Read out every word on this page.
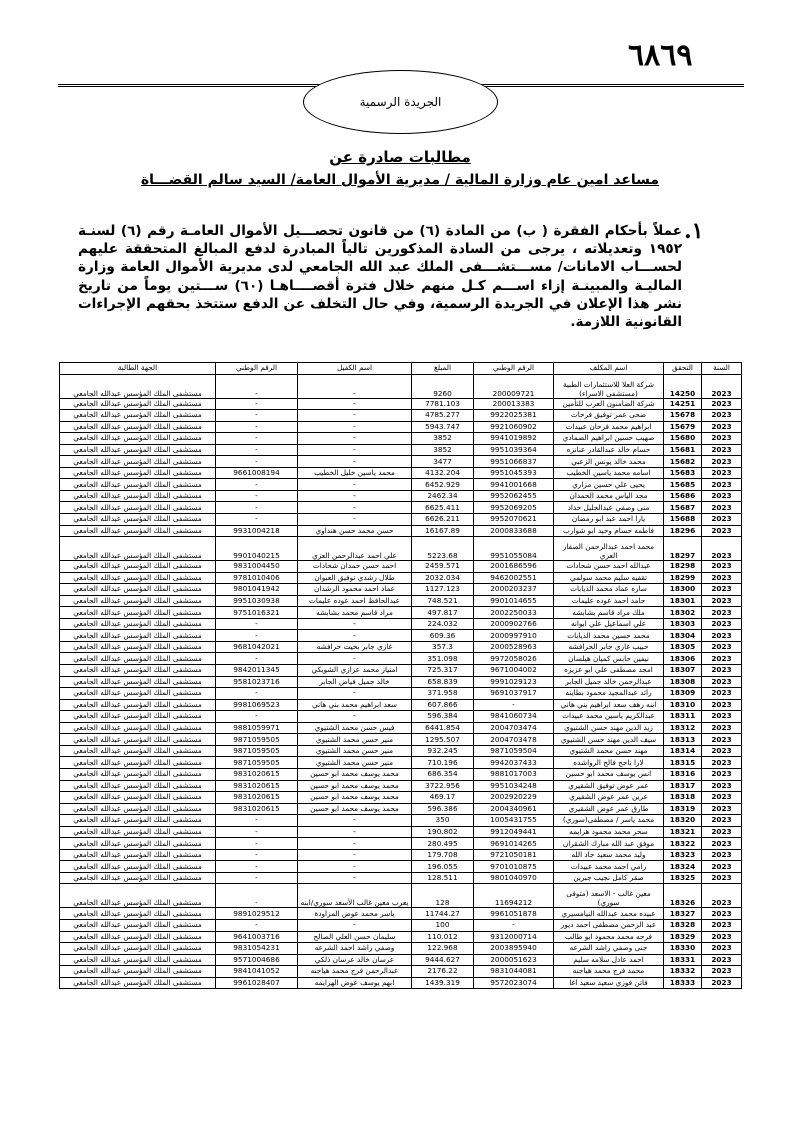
٦٨٦٩
الجريدة الرسمية
مطالبات صادرة عن
مساعد امين عام وزارة المالية / مديرية الأموال العامة/ السيد سالم القضـــاة
١.
عملاً بأحكام الفقرة ( ب) من المادة (٦) من قانون تحصـــيل الأموال العامـة رقم (٦) لسنـة ١٩٥٢ وتعديلاته ، يرجى من السادة المذكورين تالياً المبادرة لدفع المبالغ المتحققة عليهم لحســـاب الامانات/ مســـتشـــفى الملك عبد الله الجامعي لدى مديرية الأموال العامة وزارة الماليـة والمبينـة إزاء اســـم كـل منهم خلال فترة أقصــــاهـا (٦٠) ســـتين يوماً من تاريخ نشر هذا الإعلان في الجريدة الرسمية، وفي حال التخلف عن الدفع ستتخذ بحقهم الإجراءات القانونية اللازمة.
السنة	التحقق	اسم المكلف	الرقم الوطني	المبلغ	اسم الكفيل	الرقم الوطني	الجهة الطالبة
2023	14250	شركة العلا للاستثمارات الطبية (مستشفى الاسراء)	200009721	9260	-	-	مستشفى الملك المؤسس عبدالله الجامعي
2023	14251	شركة الضامنون العرب للتأمين	200013383	7781.103	-	-	مستشفى الملك المؤسس عبدالله الجامعي
2023	15678	ضحى عمر توفيق فرحات	9922025381	4785.277	-	-	مستشفى الملك المؤسس عبدالله الجامعي
2023	15679	ابراهيم محمد فرحان عبيدات	9921060902	5943.747	-	-	مستشفى الملك المؤسس عبدالله الجامعي
2023	15680	صهيب حسين ابراهيم الصمادي	9941019892	3852	-	-	مستشفى الملك المؤسس عبدالله الجامعي
2023	15681	حسام خالد عبدالقادر عنانزه	9951039364	3852	-	-	مستشفى الملك المؤسس عبدالله الجامعي
2023	15682	محمد خالد يونس الزعبي	9951066837	3477	-	-	مستشفى الملك المؤسس عبدالله الجامعي
2023	15683	اسامه محمد ياسين الخطيب	9951045393	4132.204	محمد ياسين خليل الخطيب	9661008194	مستشفى الملك المؤسس عبدالله الجامعي
2023	15685	يحيى علي حسين مزاري	9941001668	6452.929	-	-	مستشفى الملك المؤسس عبدالله الجامعي
2023	15686	مجد الياس محمد الحمدان	9952062455	2462.34	-	-	مستشفى الملك المؤسس عبدالله الجامعي
2023	15687	منى وصفي عبدالجليل حداد	9952069205	6625.411	-	-	مستشفى الملك المؤسس عبدالله الجامعي
2023	15688	يارا احمد عبد ابو رمضان	9952070621	6626.211	-	-	مستشفى الملك المؤسس عبدالله الجامعي
2023	18296	فاطمه حسام وحيد ابو شوارب	2000833688	16167.89	حسن محمد حسن هنداوي	9931004218	مستشفى الملك المؤسس عبدالله الجامعي
2023	18297	محمد احمد عبدالرحمن الصفار العزي	9951055084	5223.68	علي احمد عبدالرحمن العزي	9901040215	مستشفى الملك المؤسس عبدالله الجامعي
2023	18298	عبدالله احمد حسن شحادات	2001686596	2459.571	احمد حسن حمدان شحادات	9831004450	مستشفى الملك المؤسس عبدالله الجامعي
2023	18299	تقفيه سليم محمد سولمي	9462002551	2032.034	طلال رشدي توفيق العبوان	9781010406	مستشفى الملك المؤسس عبدالله الجامعي
2023	18300	ساره عماد محمد الذيابات	2000203237	1127.123	عماد احمد محمود الرشدان	9801041942	مستشفى الملك المؤسس عبدالله الجامعي
2023	18301	حامد احمد عوده عليمات	9901014655	748.521	عبدالحافظ احمد عوده عليمات	9951030938	مستشفى الملك المؤسس عبدالله الجامعي
2023	18302	ملك مراد قاسم بشابشه	2002250033	497.817	مراد قاسم محمد بشابشه	9751016321	مستشفى الملك المؤسس عبدالله الجامعي
2023	18303	علي اسماعيل علي ابوانه	2000902766	224.032	-	-	مستشفى الملك المؤسس عبدالله الجامعي
2023	18304	محمد حسين محمد الذيابات	2000997910	609.36	-	-	مستشفى الملك المؤسس عبدالله الجامعي
2023	18305	حبيب غازي جابر الحرافشه	2000528963	357.3	غازي جابر بخيت حرافشه	9681042021	مستشفى الملك المؤسس عبدالله الجامعي
2023	18306	نيفين حابس كميان هيلسان	9972058026	351.098	-	-	مستشفى الملك المؤسس عبدالله الجامعي
2023	18307	امجد مصطفى علي ابو عزيزه	9671004002	725.317	امتياز محمد عزازي الشويكي	9842011345	مستشفى الملك المؤسس عبدالله الجامعي
2023	18308	عبدالرحمن خالد جميل الجابر	9991029123	658.839	خالد جميل فياض الجابر	9581023716	مستشفى الملك المؤسس عبدالله الجامعي
2023	18309	رائد عبدالمجيد محمود بطاينه	9691037917	371.958	-	-	مستشفى الملك المؤسس عبدالله الجامعي
2023	18310	ابنه رهف سعد ابراهيم بني هاني	-	607.866	سعد ابراهيم محمد بني هاني	9981069523	مستشفى الملك المؤسس عبدالله الجامعي
2023	18311	عبدالكريم ياسين محمد عبيدات	9841060734	596.384	-	-	مستشفى الملك المؤسس عبدالله الجامعي
2023	18312	زيد الدين مهند حسن الشتيوي	2004703474	6441.854	قيس حسن محمد الشتيوي	9881059971	مستشفى الملك المؤسس عبدالله الجامعي
2023	18313	سيف الدين مهند حسن الشتيوي	2004703478	1295.507	منير حسن محمد الشتيوي	9871059505	مستشفى الملك المؤسس عبدالله الجامعي
2023	18314	مهند حسن محمد الشتيوي	9871059504	932.245	منير حسن محمد الشتيوي	9871059505	مستشفى الملك المؤسس عبدالله الجامعي
2023	18315	لارا ناجح فالح الرواشده	9942037433	710.196	منير حسن محمد الشتيوي	9871059505	مستشفى الملك المؤسس عبدالله الجامعي
2023	18316	انس يوسف محمد ابو حسين	9881017003	686.354	محمد يوسف محمد ابو حسين	9831020615	مستشفى الملك المؤسس عبدالله الجامعي
2023	18317	عمر عوض توفيق الشقيري	9951034248	3722.956	محمد يوسف محمد ابو حسين	9831020615	مستشفى الملك المؤسس عبدالله الجامعي
2023	18318	عرين عمر عوض الشقيري	2002920229	469.17	محمد يوسف محمد ابو حسين	9831020615	مستشفى الملك المؤسس عبدالله الجامعي
2023	18319	طارق عمر عوض الشقيري	2004340961	596.386	محمد يوسف محمد ابو حسين	9831020615	مستشفى الملك المؤسس عبدالله الجامعي
2023	18320	محمد ياسر / مصطفى(سوري)	1005431755	350	-	-	مستشفى الملك المؤسس عبدالله الجامعي
2023	18321	سحر محمد محمود هزايمه	9912049441	190.802	-	-	مستشفى الملك المؤسس عبدالله الجامعي
2023	18322	موفق عبد الله مبارك الشقران	9691014265	280.495	-	-	مستشفى الملك المؤسس عبدالله الجامعي
2023	18323	وليد محمد سعيد جاد الله	9721050181	179.708	-	-	مستشفى الملك المؤسس عبدالله الجامعي
2023	18324	رامي احمد محمد عبيدات	9701010875	196.055	-	-	مستشفى الملك المؤسس عبدالله الجامعي
2023	18325	صقر كامل نجيب جبرين	9801040970	128.511	-	-	مستشفى الملك المؤسس عبدالله الجامعي
2023	18326	معين غالب - الاسعد (متوفى سوري)	11694212	128	يعرب معين غالب الأسعد سوري/ابنه	-	مستشفى الملك المؤسس عبدالله الجامعي
2023	18327	عبيده محمد عبدالله النيامسيري	9961051878	11744.27	ياسر محمد عوض المزاودة	9891029512	مستشفى الملك المؤسس عبدالله الجامعي
2023	18328	عبد الرحمن مصطفى احمد ديور	-	100	-	-	مستشفى الملك المؤسس عبدالله الجامعي
2023	18329	فرحه محمد محمود ابو طالب	9312000714	110.012	سليمان حسن العلي الصالح	9641003716	مستشفى الملك المؤسس عبدالله الجامعي
2023	18330	جنى وصفي راشد الشرعه	2003895940	122.968	وصفي راشد احمد الشرعه	9831054231	مستشفى الملك المؤسس عبدالله الجامعي
2023	18331	احمد عادل سلامه سليم	2000051623	9444.627	عرسان خالد عرسان ذلكي	9571004686	مستشفى الملك المؤسس عبدالله الجامعي
2023	18332	محمد فرج محمد هياجنه	9831044081	2176.22	عبدالرحمن فرج محمد هياجنه	9841041052	مستشفى الملك المؤسس عبدالله الجامعي
2023	18333	فاتن فوزي سعيد سعيد اغا	9572023074	1439.319	ابهم يوسف عوض الهزايمه	9961028407	مستشفى الملك المؤسس عبدالله الجامعي
